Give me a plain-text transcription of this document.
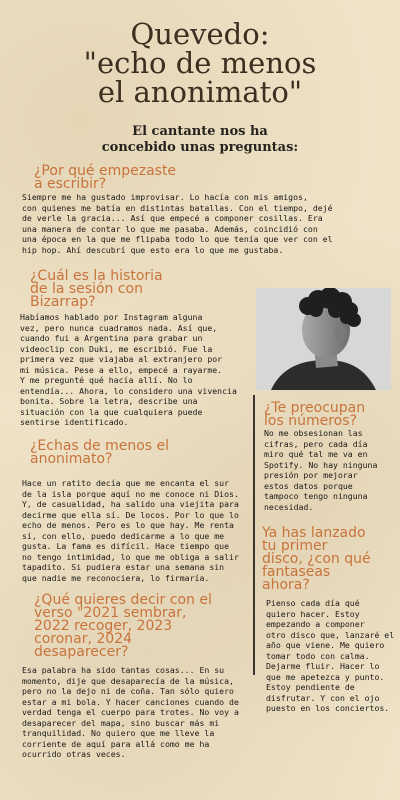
Quevedo:
"echo de menos
el anonimato"
El cantante nos ha
concebido unas preguntas:
¿Por qué empezaste
a escribir?
Siempre me ha gustado improvisar. Lo hacía con mis amigos,
con quienes me batía en distintas batallas. Con el tiempo, dejé
de verle la gracia... Así que empecé a componer cosillas. Era
una manera de contar lo que me pasaba. Además, coincidió con
una época en la que me flipaba todo lo que tenía que ver con el
hip hop. Ahí descubrí que esto era lo que me gustaba.
¿Cuál es la historia
de la sesión con
Bizarrap?
Habíamos hablado por Instagram alguna
vez, pero nunca cuadramos nada. Así que,
cuando fui a Argentina para grabar un
videoclip con Duki, me escribió. Fue la
primera vez que viajaba al extranjero por
mi música. Pese a ello, empecé a rayarme.
Y me pregunté qué hacía allí. No lo
entendía... Ahora, lo considero una vivencia
bonita. Sobre la letra, describe una
situación con la que cualquiera puede
sentirse identificado.
¿Te preocupan
los números?
No me obsesionan las
cifras, pero cada día
miro qué tal me va en
Spotify. No hay ninguna
presión por mejorar
estos datos porque
tampoco tengo ninguna
necesidad.
¿Echas de menos el
anonimato?
Hace un ratito decía que me encanta el sur
de la isla porque aquí no me conoce ni Dios.
Y, de casualidad, ha salido una viejita para
decirme que ella sí. De locos. Por lo que lo
echo de menos. Pero es lo que hay. Me renta
sí, con ello, puedo dedicarme a lo que me
gusta. La fama es difícil. Hace tiempo que
no tengo intimidad, lo que me obliga a salir
tapadito. Si pudiera estar una semana sin
que nadie me reconociera, lo firmaría.
Ya has lanzado
tu primer
disco, ¿con qué
fantaseas
ahora?
Pienso cada día qué
quiero hacer. Estoy
empezando a componer
otro disco que, lanzaré el
año que viene. Me quiero
tomar todo con calma.
Dejarme fluir. Hacer lo
que me apetezca y punto.
Estoy pendiente de
disfrutar. Y con el ojo
puesto en los conciertos.
¿Qué quieres decir con el
verso "2021 sembrar,
2022 recoger, 2023
coronar, 2024
desaparecer?
Esa palabra ha sido tantas cosas... En su
momento, dije que desaparecía de la música,
pero no la dejo ni de coña. Tan sólo quiero
estar a mi bola. Y hacer canciones cuando de
verdad tenga el cuerpo para trotes. No voy a
desaparecer del mapa, sino buscar más mi
tranquilidad. No quiero que me lleve la
corriente de aquí para allá como me ha
ocurrido otras veces.
